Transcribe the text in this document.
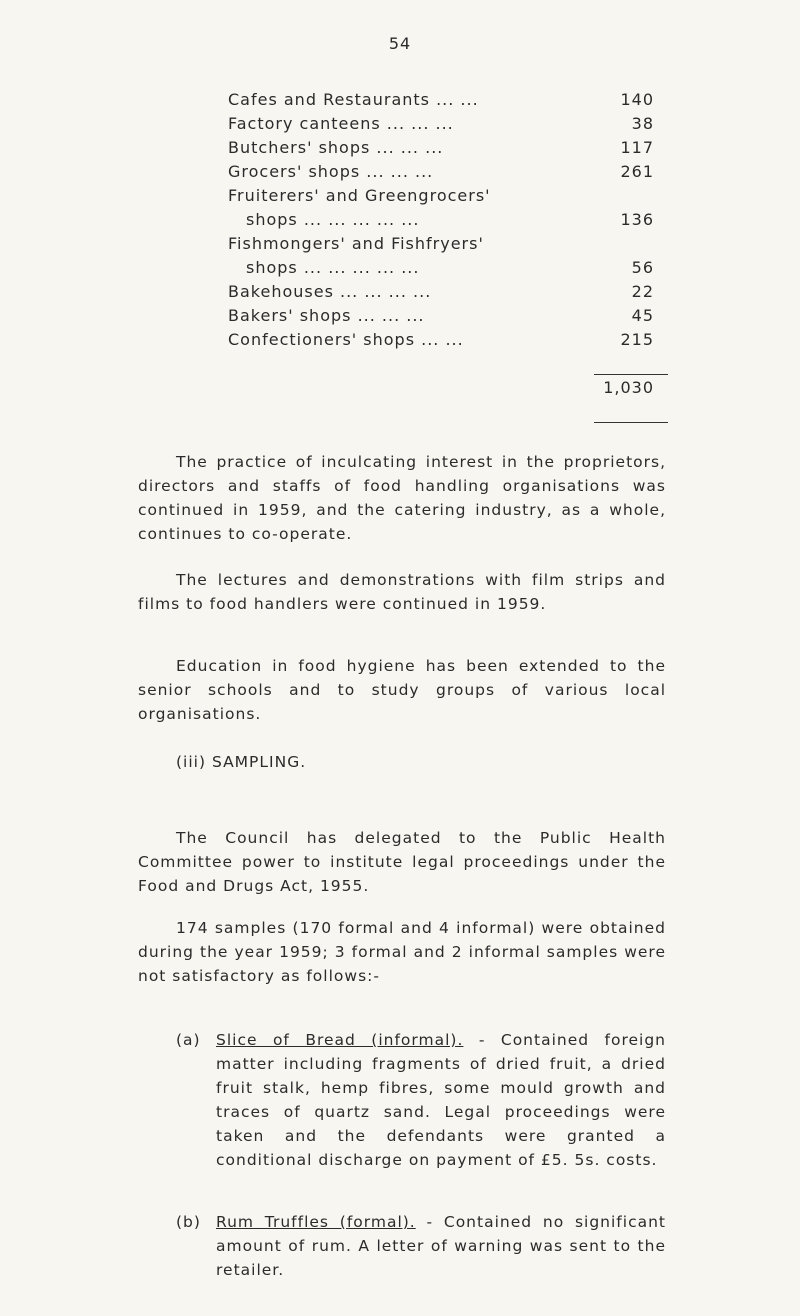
54
Cafes and Restaurants ... ...	140
Factory canteens ... ... ...	38
Butchers' shops ... ... ...	117
Grocers' shops ... ... ...	261
Fruiterers' and Greengrocers'
shops ... ... ... ... ...	136
Fishmongers' and Fishfryers'
shops ... ... ... ... ...	56
Bakehouses ... ... ... ...	22
Bakers' shops ... ... ...	45
Confectioners' shops ... ...	215
1,030
The practice of inculcating interest in the proprietors, directors and staffs of food handling organisations was continued in 1959, and the catering industry, as a whole, continues to co-operate.
The lectures and demonstrations with film strips and films to food handlers were continued in 1959.
Education in food hygiene has been extended to the senior schools and to study groups of various local organisations.
(iii) SAMPLING.
The Council has delegated to the Public Health Committee power to institute legal proceedings under the Food and Drugs Act, 1955.
174 samples (170 formal and 4 informal) were obtained during the year 1959; 3 formal and 2 informal samples were not satisfactory as follows:-
(a) Slice of Bread (informal). - Contained foreign matter including fragments of dried fruit, a dried fruit stalk, hemp fibres, some mould growth and traces of quartz sand. Legal proceedings were taken and the defendants were granted a conditional discharge on payment of £5. 5s. costs.
(b) Rum Truffles (formal). - Contained no significant amount of rum. A letter of warning was sent to the retailer.
